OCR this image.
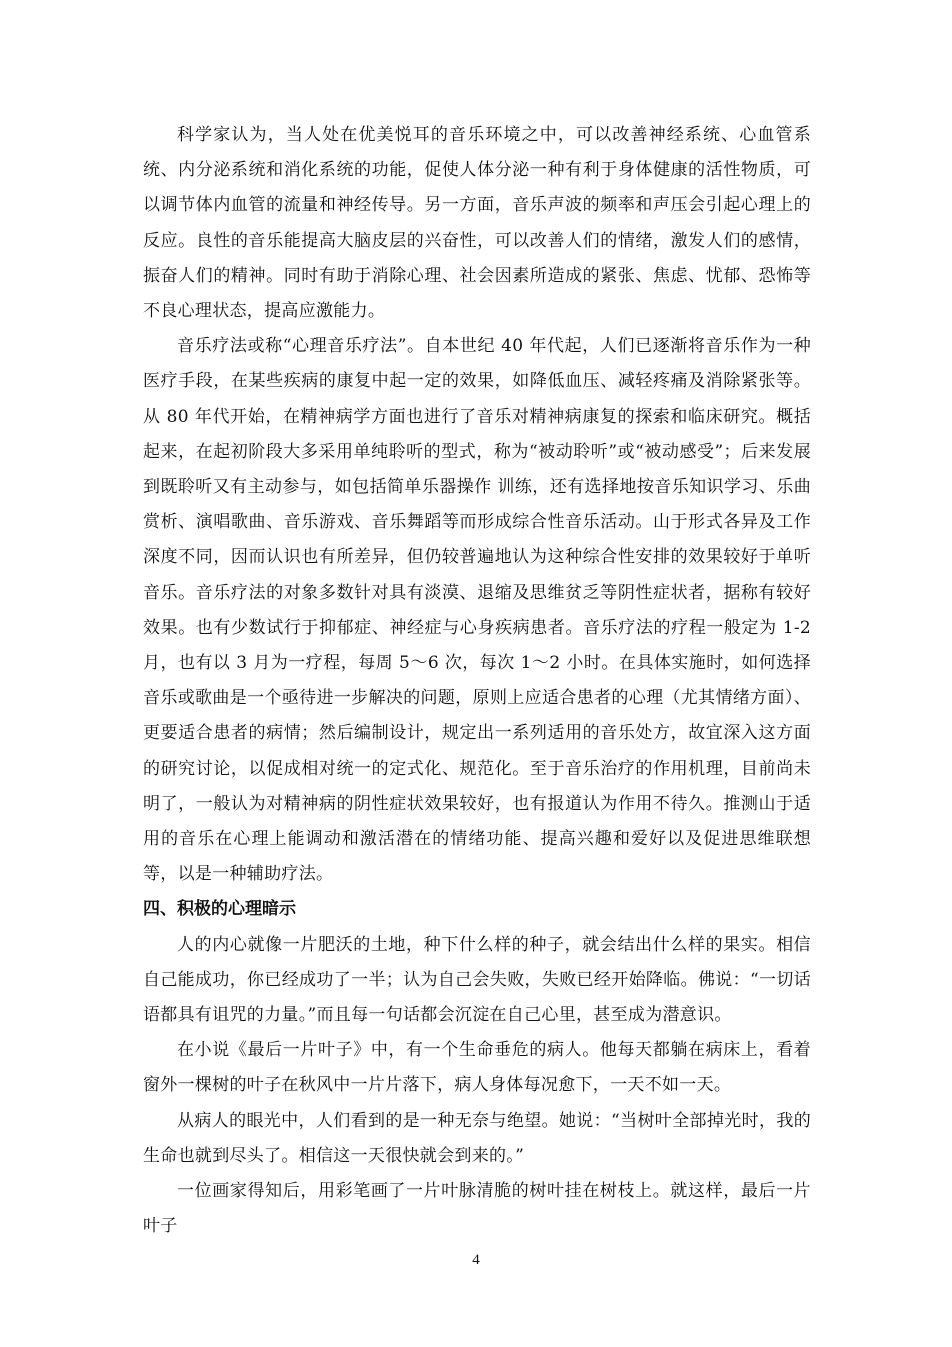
科学家认为，当人处在优美悦耳的音乐环境之中，可以改善神经系统、心血管系统、内分泌系统和消化系统的功能，促使人体分泌一种有利于身体健康的活性物质，可以调节体内血管的流量和神经传导。另一方面，音乐声波的频率和声压会引起心理上的反应。良性的音乐能提高大脑皮层的兴奋性，可以改善人们的情绪，激发人们的感情，振奋人们的精神。同时有助于消除心理、社会因素所造成的紧张、焦虑、忧郁、恐怖等不良心理状态，提高应激能力。

音乐疗法或称“心理音乐疗法”。自本世纪 40 年代起，人们已逐渐将音乐作为一种医疗手段，在某些疾病的康复中起一定的效果，如降低血压、减轻疼痛及消除紧张等。从 80 年代开始，在精神病学方面也进行了音乐对精神病康复的探索和临床研究。概括起来，在起初阶段大多采用单纯聆听的型式，称为“被动聆听”或“被动感受”；后来发展到既聆听又有主动参与，如包括简单乐器操作 训练，还有选择地按音乐知识学习、乐曲赏析、演唱歌曲、音乐游戏、音乐舞蹈等而形成综合性音乐活动。山于形式各异及工作深度不同，因而认识也有所差异，但仍较普遍地认为这种综合性安排的效果较好于单听音乐。音乐疗法的对象多数针对具有淡漠、退缩及思维贫乏等阴性症状者，据称有较好效果。也有少数试行于抑郁症、神经症与心身疾病患者。音乐疗法的疗程一般定为 1-2 月，也有以 3 月为一疗程，每周 5～6 次，每次 1～2 小时。在具体实施时，如何选择音乐或歌曲是一个亟待进一步解决的问题，原则上应适合患者的心理（尤其情绪方面）、更要适合患者的病情；然后编制设计，规定出一系列适用的音乐处方，故宜深入这方面的研究讨论，以促成相对统一的定式化、规范化。至于音乐治疗的作用机理，目前尚未明了，一般认为对精神病的阴性症状效果较好，也有报道认为作用不待久。推测山于适用的音乐在心理上能调动和激活潜在的情绪功能、提高兴趣和爱好以及促进思维联想等，以是一种辅助疗法。

四、积极的心理暗示

人的内心就像一片肥沃的土地，种下什么样的种子，就会结出什么样的果实。相信自己能成功，你已经成功了一半；认为自己会失败，失败已经开始降临。佛说：“一切话语都具有诅咒的力量。”而且每一句话都会沉淀在自己心里，甚至成为潜意识。

在小说《最后一片叶子》中，有一个生命垂危的病人。他每天都躺在病床上，看着窗外一棵树的叶子在秋风中一片片落下，病人身体每况愈下，一天不如一天。

从病人的眼光中，人们看到的是一种无奈与绝望。她说：“当树叶全部掉光时，我的生命也就到尽头了。相信这一天很快就会到来的。”

一位画家得知后，用彩笔画了一片叶脉清脆的树叶挂在树枝上。就这样，最后一片叶子

4
